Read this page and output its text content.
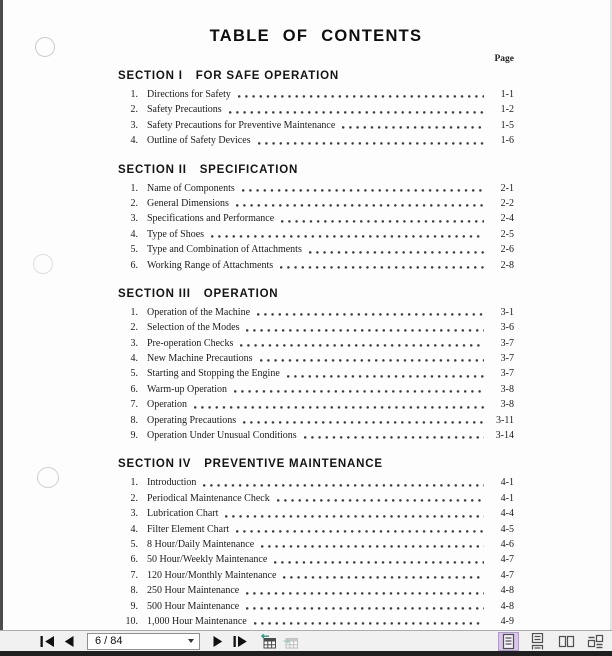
TABLE OF CONTENTS
Page
SECTION I FOR SAFE OPERATION
1. Directions for Safety	1-1
2. Safety Precautions	1-2
3. Safety Precautions for Preventive Maintenance	1-5
4. Outline of Safety Devices	1-6
SECTION II SPECIFICATION
1. Name of Components	2-1
2. General Dimensions	2-2
3. Specifications and Performance	2-4
4. Type of Shoes	2-5
5. Type and Combination of Attachments	2-6
6. Working Range of Attachments	2-8
SECTION III OPERATION
1. Operation of the Machine	3-1
2. Selection of the Modes	3-6
3. Pre-operation Checks	3-7
4. New Machine Precautions	3-7
5. Starting and Stopping the Engine	3-7
6. Warm-up Operation	3-8
7. Operation	3-8
8. Operating Precautions	3-11
9. Operation Under Unusual Conditions	3-14
SECTION IV PREVENTIVE MAINTENANCE
1. Introduction	4-1
2. Periodical Maintenance Check	4-1
3. Lubrication Chart	4-4
4. Filter Element Chart	4-5
5. 8 Hour/Daily Maintenance	4-6
6. 50 Hour/Weekly Maintenance	4-7
7. 120 Hour/Monthly Maintenance	4-7
8. 250 Hour Maintenance	4-8
9. 500 Hour Maintenance	4-8
10. 1,000 Hour Maintenance	4-9
6 / 84
